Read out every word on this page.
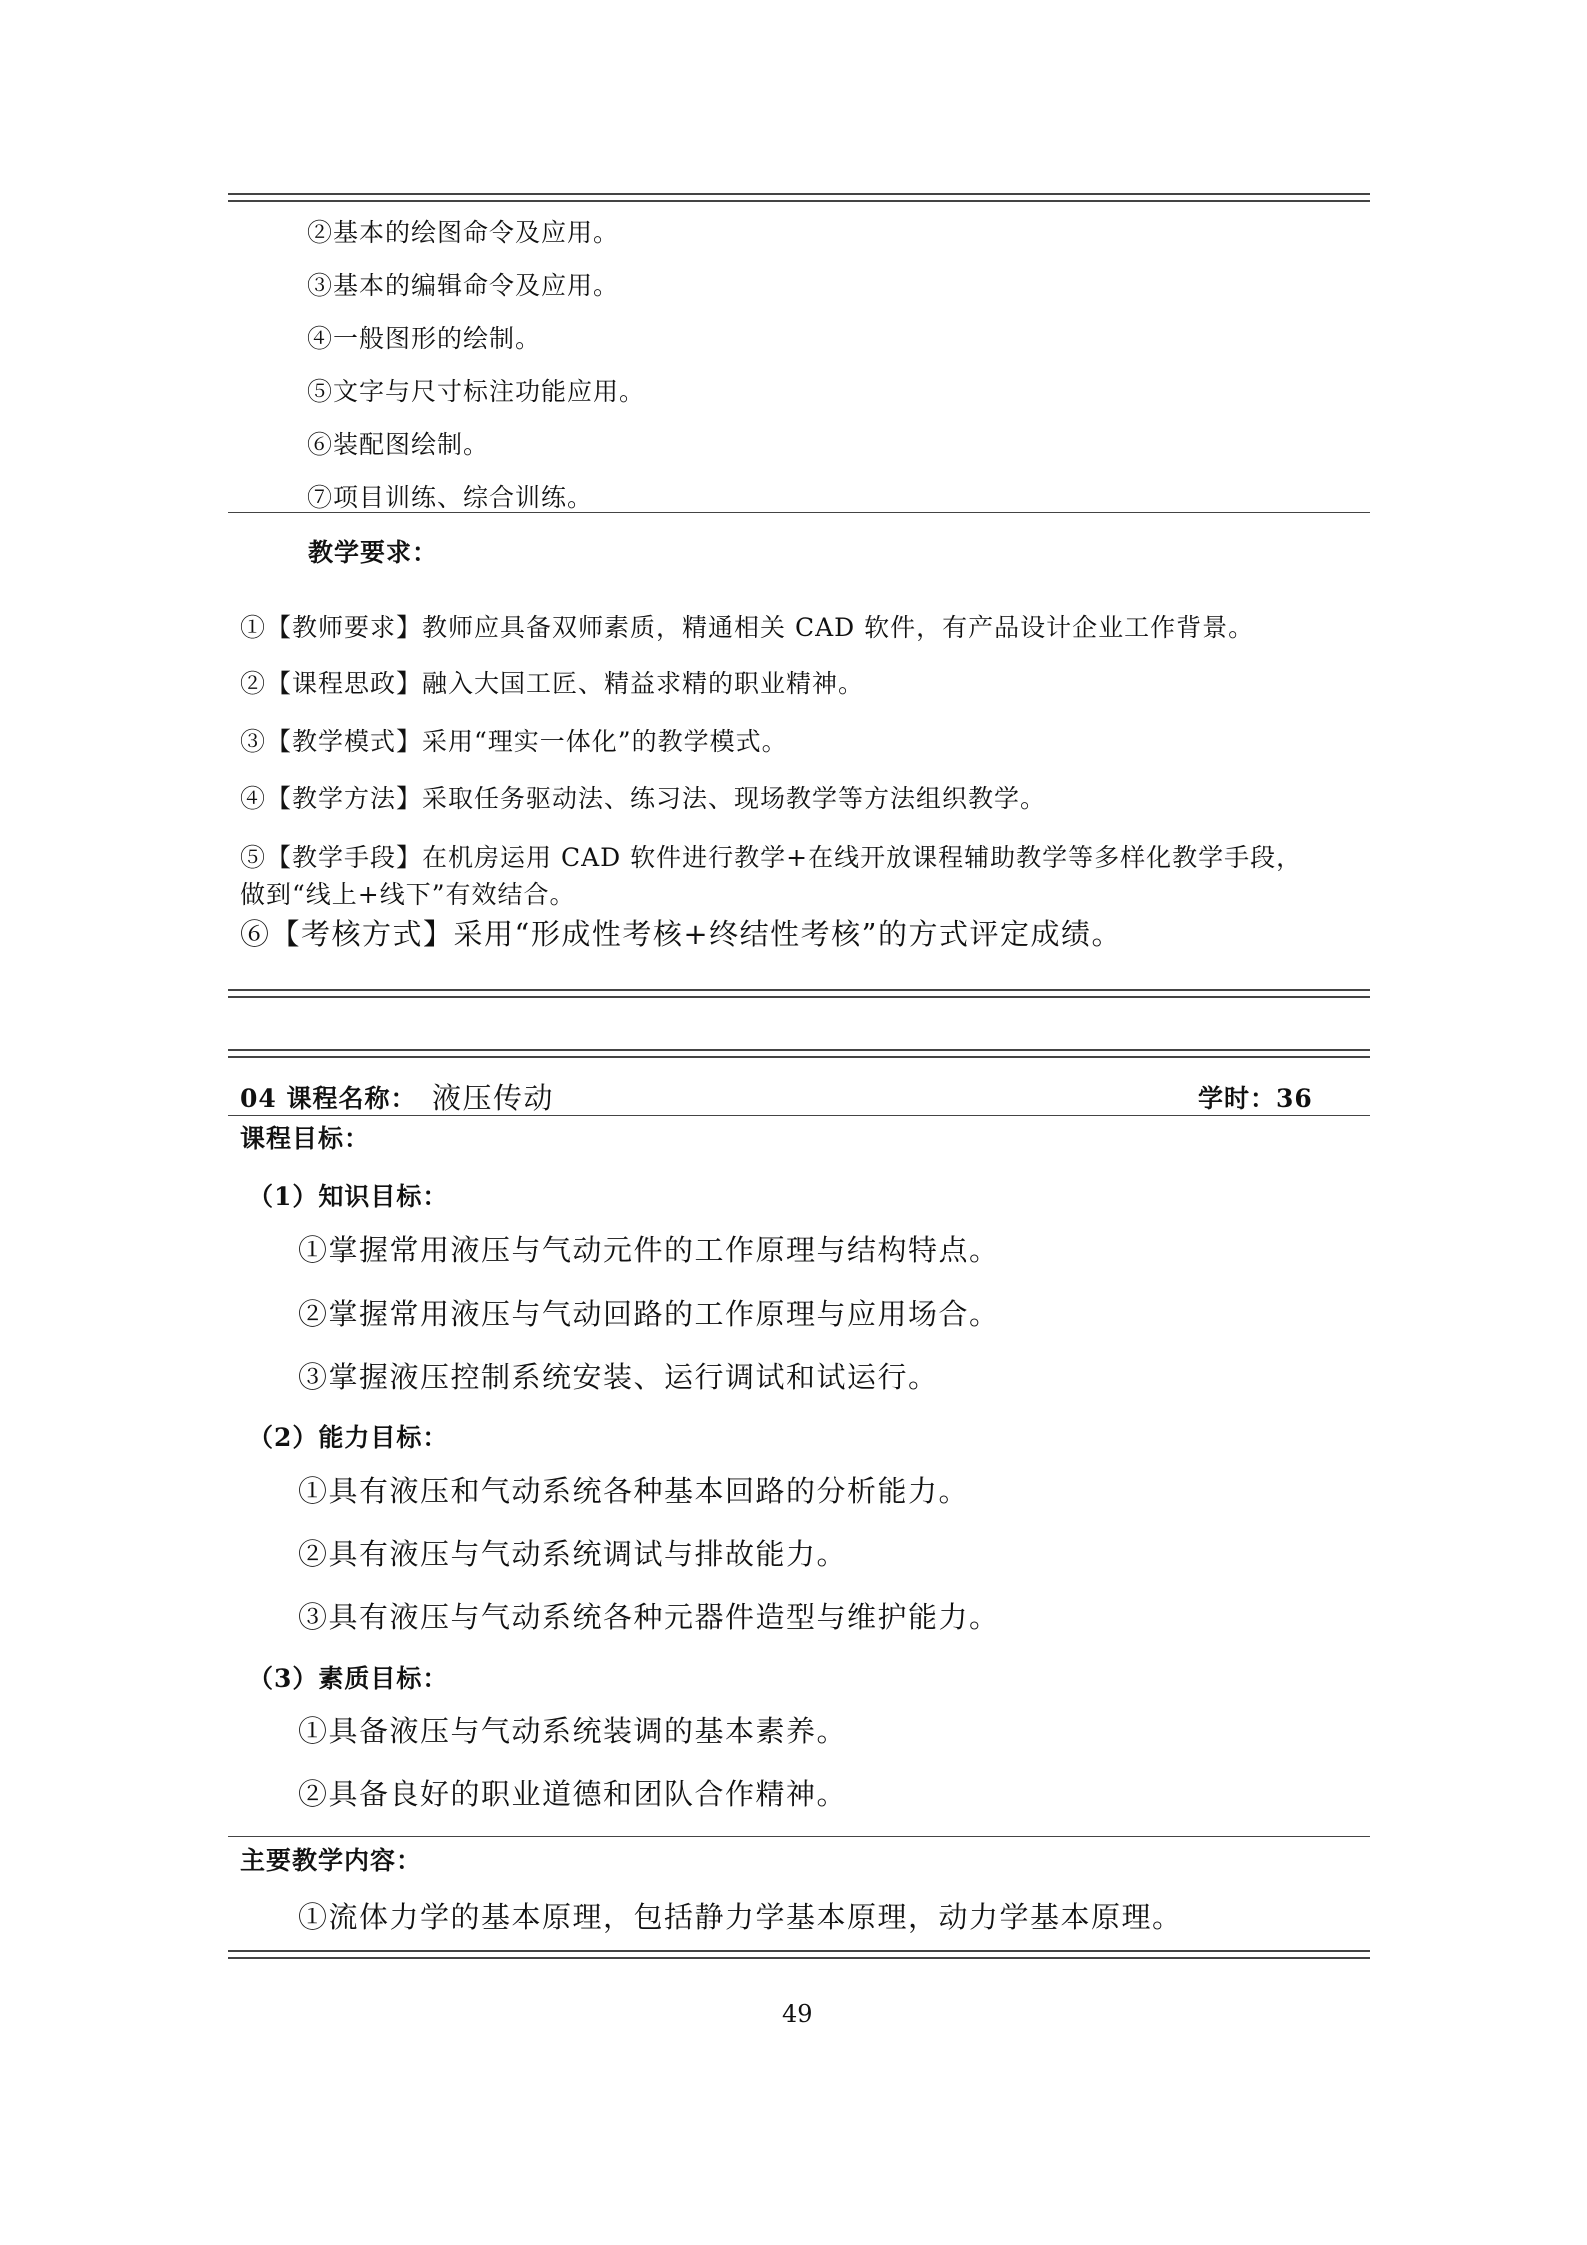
②基本的绘图命令及应用。
③基本的编辑命令及应用。
④一般图形的绘制。
⑤文字与尺寸标注功能应用。
⑥装配图绘制。
⑦项目训练、综合训练。
教学要求：
①【教师要求】教师应具备双师素质，精通相关 CAD 软件，有产品设计企业工作背景。
②【课程思政】融入大国工匠、精益求精的职业精神。
③【教学模式】采用“理实一体化”的教学模式。
④【教学方法】采取任务驱动法、练习法、现场教学等方法组织教学。
⑤【教学手段】在机房运用 CAD 软件进行教学+在线开放课程辅助教学等多样化教学手段，
做到“线上+线下”有效结合。
⑥【考核方式】采用“形成性考核+终结性考核”的方式评定成绩。
04 课程名称： 液压传动	学时：36
课程目标：
（1）知识目标：
①掌握常用液压与气动元件的工作原理与结构特点。
②掌握常用液压与气动回路的工作原理与应用场合。
③掌握液压控制系统安装、运行调试和试运行。
（2）能力目标：
①具有液压和气动系统各种基本回路的分析能力。
②具有液压与气动系统调试与排故能力。
③具有液压与气动系统各种元器件造型与维护能力。
（3）素质目标：
①具备液压与气动系统装调的基本素养。
②具备良好的职业道德和团队合作精神。
主要教学内容：
①流体力学的基本原理，包括静力学基本原理，动力学基本原理。
49
